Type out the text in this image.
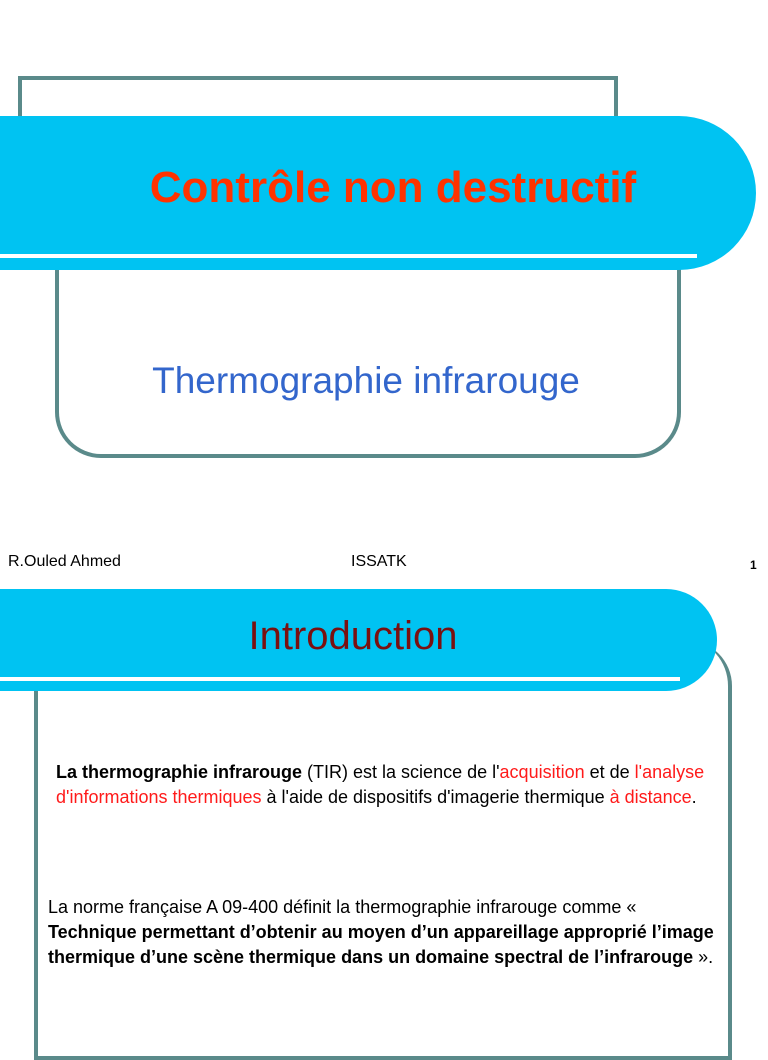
Contrôle non destructif
Thermographie infrarouge
R.Ouled Ahmed	ISSATK	1
Introduction
La thermographie infrarouge (TIR) est la science de l'acquisition et de l'analyse d'informations thermiques à l'aide de dispositifs d'imagerie thermique à distance.
La norme française A 09-400 définit la thermographie infrarouge comme « Technique permettant d’obtenir au moyen d’un appareillage approprié l’image thermique d’une scène thermique dans un domaine spectral de l’infrarouge ».
